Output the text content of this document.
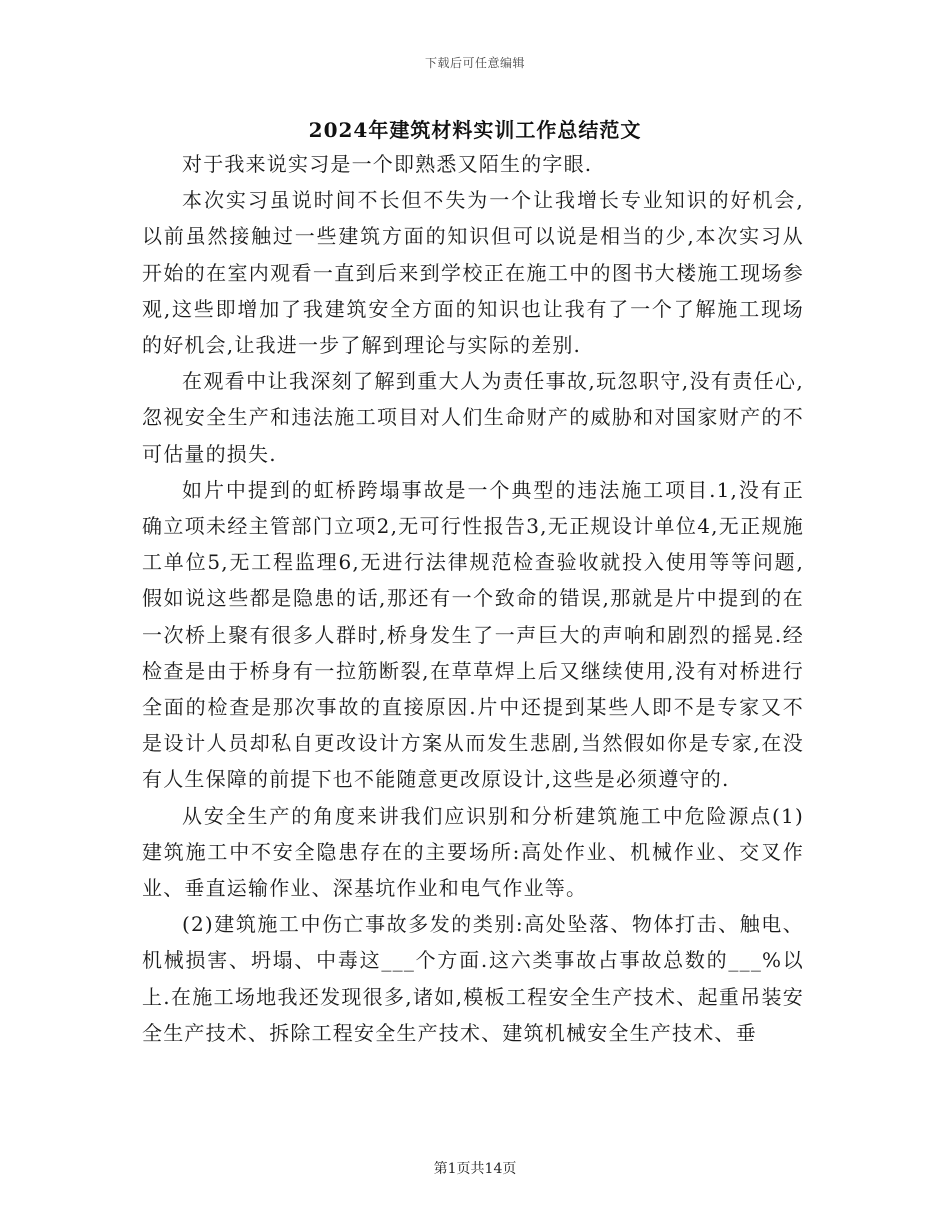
下载后可任意编辑
2024年建筑材料实训工作总结范文

对于我来说实习是一个即熟悉又陌生的字眼.

本次实习虽说时间不长但不失为一个让我增长专业知识的好机会,以前虽然接触过一些建筑方面的知识但可以说是相当的少,本次实习从开始的在室内观看一直到后来到学校正在施工中的图书大楼施工现场参观,这些即增加了我建筑安全方面的知识也让我有了一个了解施工现场的好机会,让我进一步了解到理论与实际的差别.

在观看中让我深刻了解到重大人为责任事故,玩忽职守,没有责任心,忽视安全生产和违法施工项目对人们生命财产的威胁和对国家财产的不可估量的损失.

如片中提到的虹桥跨塌事故是一个典型的违法施工项目.1,没有正确立项未经主管部门立项2,无可行性报告3,无正规设计单位4,无正规施工单位5,无工程监理6,无进行法律规范检查验收就投入使用等等问题,假如说这些都是隐患的话,那还有一个致命的错误,那就是片中提到的在一次桥上聚有很多人群时,桥身发生了一声巨大的声响和剧烈的摇晃.经检查是由于桥身有一拉筋断裂,在草草焊上后又继续使用,没有对桥进行全面的检查是那次事故的直接原因.片中还提到某些人即不是专家又不是设计人员却私自更改设计方案从而发生悲剧,当然假如你是专家,在没有人生保障的前提下也不能随意更改原设计,这些是必须遵守的.

从安全生产的角度来讲我们应识别和分析建筑施工中危险源点(1)建筑施工中不安全隐患存在的主要场所:高处作业、机械作业、交叉作业、垂直运输作业、深基坑作业和电气作业等。

(2)建筑施工中伤亡事故多发的类别:高处坠落、物体打击、触电、机械损害、坍塌、中毒这___个方面.这六类事故占事故总数的___%以上.在施工场地我还发现很多,诸如,模板工程安全生产技术、起重吊装安全生产技术、拆除工程安全生产技术、建筑机械安全生产技术、垂

第1页共14页
